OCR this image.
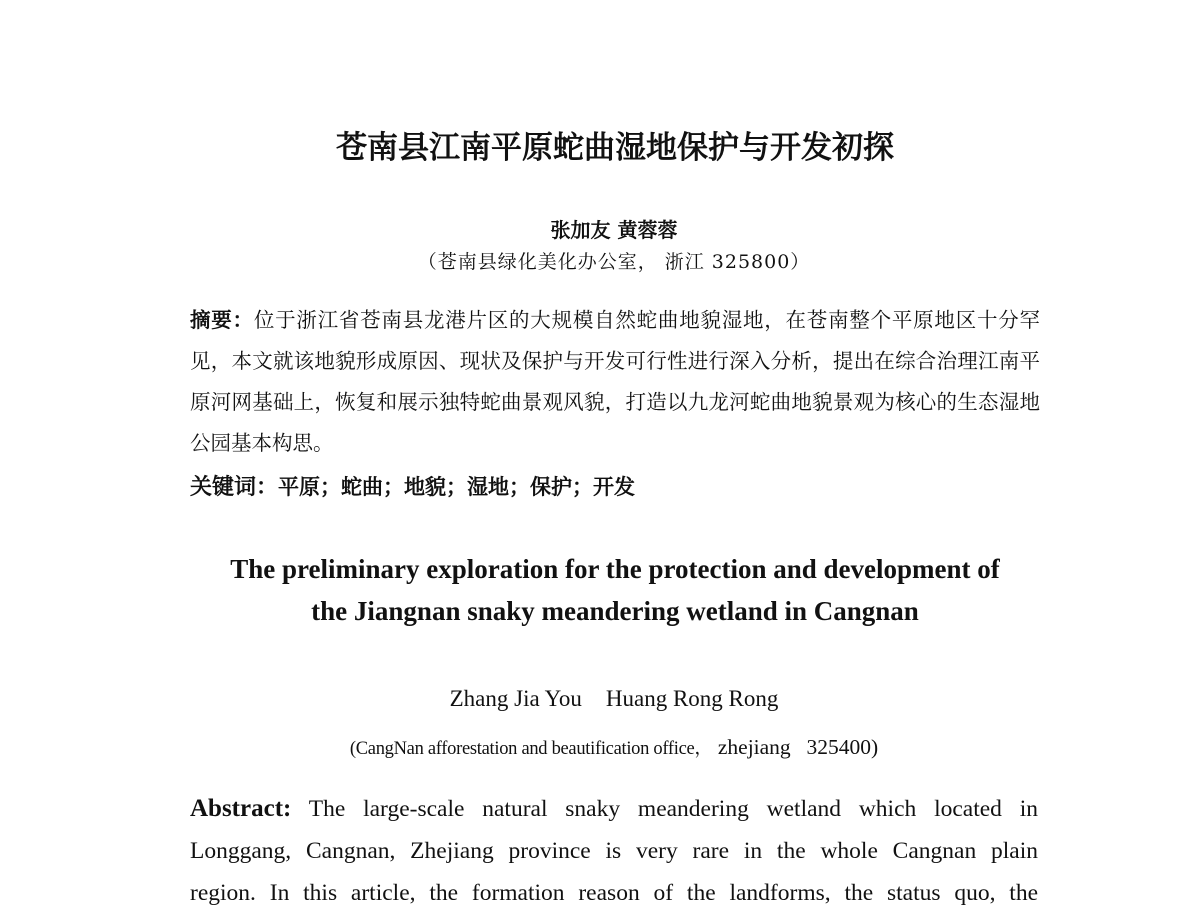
苍南县江南平原蛇曲湿地保护与开发初探
张加友 黄蓉蓉
（苍南县绿化美化办公室， 浙江 325800）
摘要：位于浙江省苍南县龙港片区的大规模自然蛇曲地貌湿地，在苍南整个平原地区十分罕见，本文就该地貌形成原因、现状及保护与开发可行性进行深入分析，提出在综合治理江南平原河网基础上，恢复和展示独特蛇曲景观风貌，打造以九龙河蛇曲地貌景观为核心的生态湿地公园基本构思。
关键词：平原；蛇曲；地貌；湿地；保护；开发
The preliminary exploration for the protection and development of
the Jiangnan snaky meandering wetland in Cangnan
Zhang Jia You Huang Rong Rong
(CangNan afforestation and beautification office， zhejiang 325400)
Abstract: The large-scale natural snaky meandering wetland which located in
Longgang, Cangnan, Zhejiang province is very rare in the whole Cangnan plain
region. In this article, the formation reason of the landforms, the status quo, the
